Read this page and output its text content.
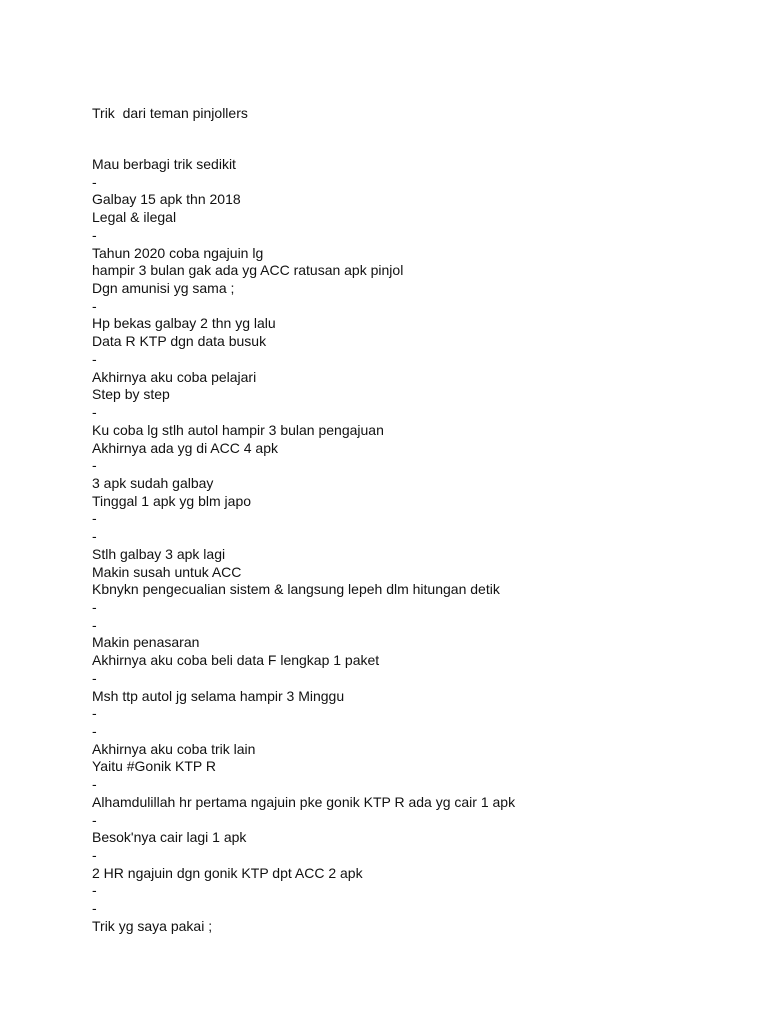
Trik  dari teman pinjollers
Mau berbagi trik sedikit
-
Galbay 15 apk thn 2018
Legal & ilegal
-
Tahun 2020 coba ngajuin lg
hampir 3 bulan gak ada yg ACC ratusan apk pinjol
Dgn amunisi yg sama ;
-
Hp bekas galbay 2 thn yg lalu
Data R KTP dgn data busuk
-
Akhirnya aku coba pelajari
Step by step
-
Ku coba lg stlh autol hampir 3 bulan pengajuan
Akhirnya ada yg di ACC 4 apk
-
3 apk sudah galbay
Tinggal 1 apk yg blm japo
-
-
Stlh galbay 3 apk lagi
Makin susah untuk ACC
Kbnykn pengecualian sistem & langsung lepeh dlm hitungan detik
-
-
Makin penasaran
Akhirnya aku coba beli data F lengkap 1 paket
-
Msh ttp autol jg selama hampir 3 Minggu
-
-
Akhirnya aku coba trik lain
Yaitu #Gonik KTP R
-
Alhamdulillah hr pertama ngajuin pke gonik KTP R ada yg cair 1 apk
-
Besok'nya cair lagi 1 apk
-
2 HR ngajuin dgn gonik KTP dpt ACC 2 apk
-
-
Trik yg saya pakai ;
